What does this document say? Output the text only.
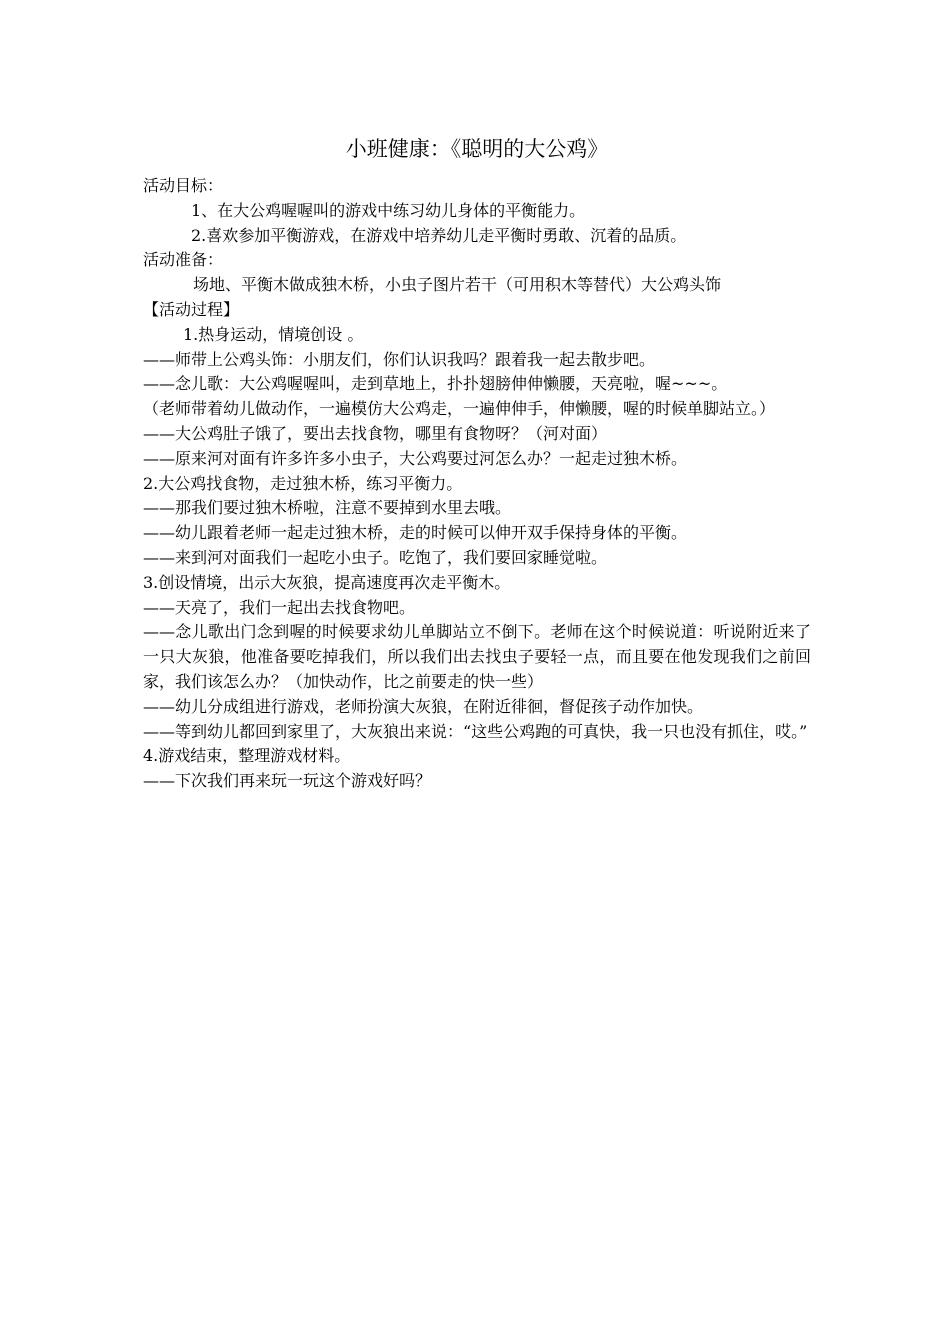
小班健康：《聪明的大公鸡》
活动目标：
1、在大公鸡喔喔叫的游戏中练习幼儿身体的平衡能力。
2.喜欢参加平衡游戏，在游戏中培养幼儿走平衡时勇敢、沉着的品质。
活动准备：
场地、平衡木做成独木桥，小虫子图片若干（可用积木等替代）大公鸡头饰
【活动过程】
1.热身运动，情境创设 。
——师带上公鸡头饰：小朋友们，你们认识我吗？跟着我一起去散步吧。
——念儿歌：大公鸡喔喔叫，走到草地上，扑扑翅膀伸伸懒腰，天亮啦，喔~~~。
（老师带着幼儿做动作，一遍模仿大公鸡走，一遍伸伸手，伸懒腰，喔的时候单脚站立。）
——大公鸡肚子饿了，要出去找食物，哪里有食物呀？（河对面）
——原来河对面有许多许多小虫子，大公鸡要过河怎么办？一起走过独木桥。
2.大公鸡找食物，走过独木桥，练习平衡力。
——那我们要过独木桥啦，注意不要掉到水里去哦。
——幼儿跟着老师一起走过独木桥，走的时候可以伸开双手保持身体的平衡。
——来到河对面我们一起吃小虫子。吃饱了，我们要回家睡觉啦。
3.创设情境，出示大灰狼，提高速度再次走平衡木。
——天亮了，我们一起出去找食物吧。
——念儿歌出门念到喔的时候要求幼儿单脚站立不倒下。老师在这个时候说道：听说附近来了一只大灰狼，他准备要吃掉我们，所以我们出去找虫子要轻一点，而且要在他发现我们之前回家，我们该怎么办？（加快动作，比之前要走的快一些）
——幼儿分成组进行游戏，老师扮演大灰狼，在附近徘徊，督促孩子动作加快。
——等到幼儿都回到家里了，大灰狼出来说：“这些公鸡跑的可真快，我一只也没有抓住，哎。”
4.游戏结束，整理游戏材料。
——下次我们再来玩一玩这个游戏好吗？
